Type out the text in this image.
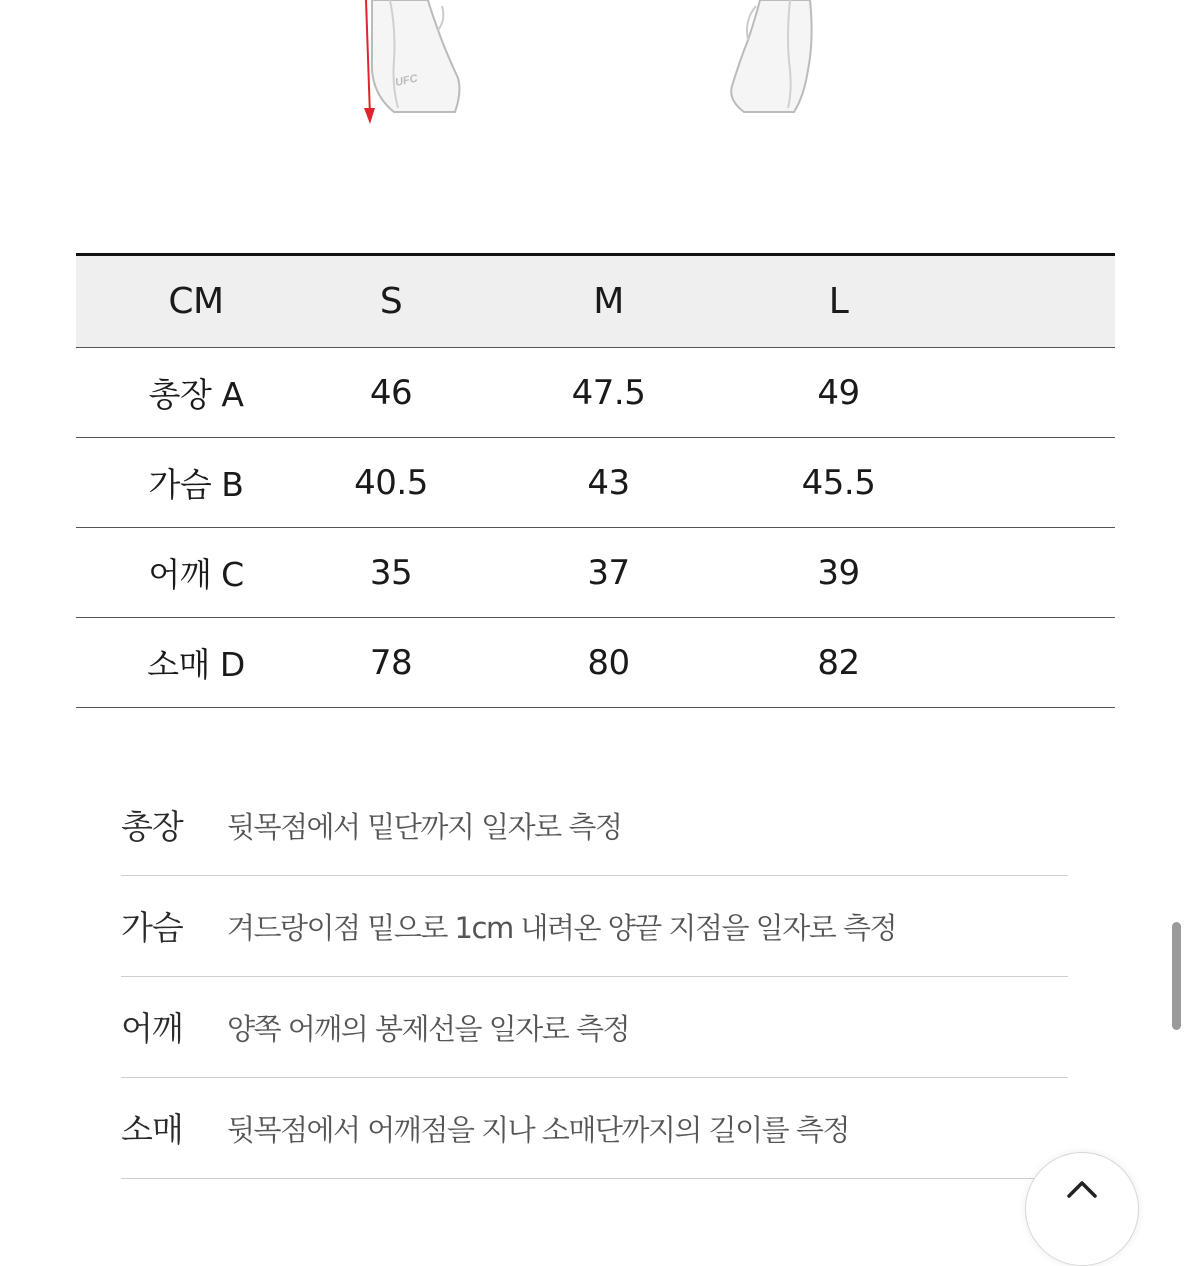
UFC
CM	S	M	L
총장 A	46	47.5	49
가슴 B	40.5	43	45.5
어깨 C	35	37	39
소매 D	78	80	82
총장 뒷목점에서 밑단까지 일자로 측정
가슴 겨드랑이점 밑으로 1cm 내려온 양끝 지점을 일자로 측정
어깨 양쪽 어깨의 봉제선을 일자로 측정
소매 뒷목점에서 어깨점을 지나 소매단까지의 길이를 측정
